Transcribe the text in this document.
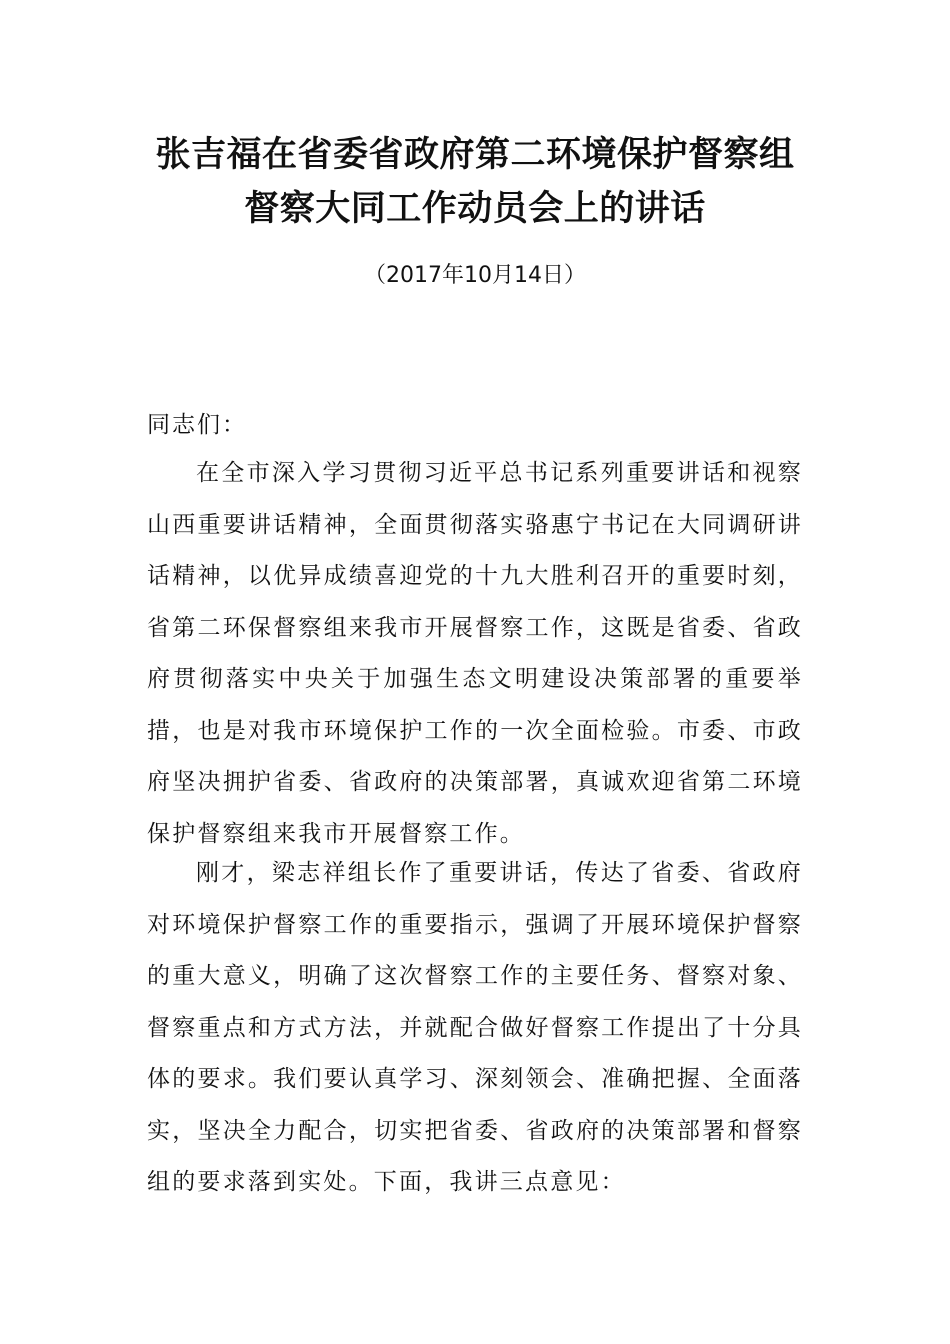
张吉福在省委省政府第二环境保护督察组
督察大同工作动员会上的讲话
（2017年10月14日）
同志们：

在全市深入学习贯彻习近平总书记系列重要讲话和视察山西重要讲话精神，全面贯彻落实骆惠宁书记在大同调研讲话精神，以优异成绩喜迎党的十九大胜利召开的重要时刻，省第二环保督察组来我市开展督察工作，这既是省委、省政府贯彻落实中央关于加强生态文明建设决策部署的重要举措，也是对我市环境保护工作的一次全面检验。市委、市政府坚决拥护省委、省政府的决策部署，真诚欢迎省第二环境保护督察组来我市开展督察工作。

刚才，梁志祥组长作了重要讲话，传达了省委、省政府对环境保护督察工作的重要指示，强调了开展环境保护督察的重大意义，明确了这次督察工作的主要任务、督察对象、督察重点和方式方法，并就配合做好督察工作提出了十分具体的要求。我们要认真学习、深刻领会、准确把握、全面落实，坚决全力配合，切实把省委、省政府的决策部署和督察组的要求落到实处。下面，我讲三点意见：
